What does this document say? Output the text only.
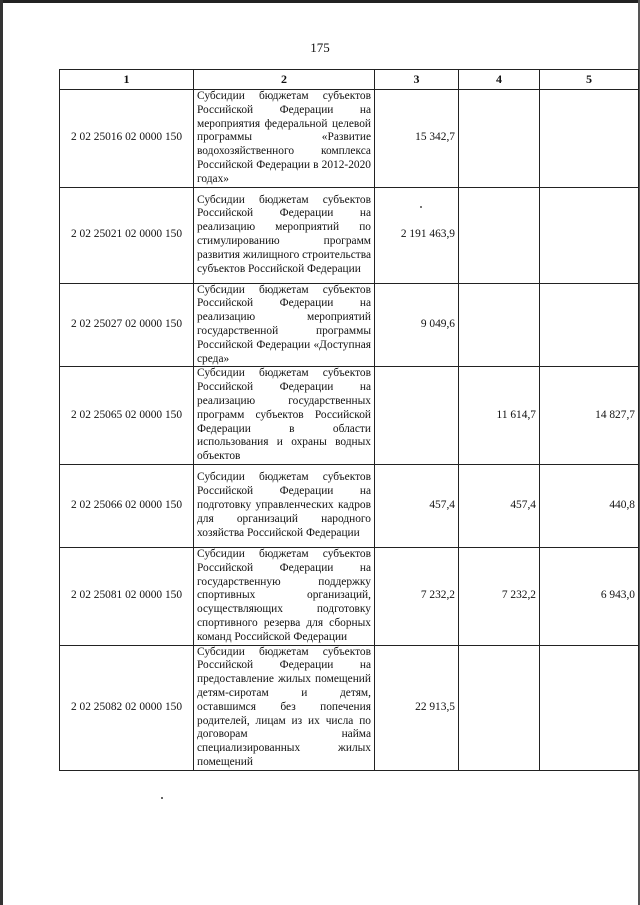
175
1	2	3	4	5
2 02 25016 02 0000 150	Субсидии бюджетам субъектов Российской Федерации на мероприятия федеральной целевой программы «Развитие водохозяйственного комплекса Российской Федерации в 2012-2020 годах»	15 342,7		
2 02 25021 02 0000 150	Субсидии бюджетам субъектов Российской Федерации на реализацию мероприятий по стимулированию программ развития жилищного строительства субъектов Российской Федерации	2 191 463,9		
2 02 25027 02 0000 150	Субсидии бюджетам субъектов Российской Федерации на реализацию мероприятий государственной программы Российской Федерации «Доступная среда»	9 049,6		
2 02 25065 02 0000 150	Субсидии бюджетам субъектов Российской Федерации на реализацию государственных программ субъектов Российской Федерации в области использования и охраны водных объектов		11 614,7	14 827,7
2 02 25066 02 0000 150	Субсидии бюджетам субъектов Российской Федерации на подготовку управленческих кадров для организаций народного хозяйства Российской Федерации	457,4	457,4	440,8
2 02 25081 02 0000 150	Субсидии бюджетам субъектов Российской Федерации на государственную поддержку спортивных организаций, осуществляющих подготовку спортивного резерва для сборных команд Российской Федерации	7 232,2	7 232,2	6 943,0
2 02 25082 02 0000 150	Субсидии бюджетам субъектов Российской Федерации на предоставление жилых помещений детям-сиротам и детям, оставшимся без попечения родителей, лицам из их числа по договорам найма специализированных жилых помещений	22 913,5		
